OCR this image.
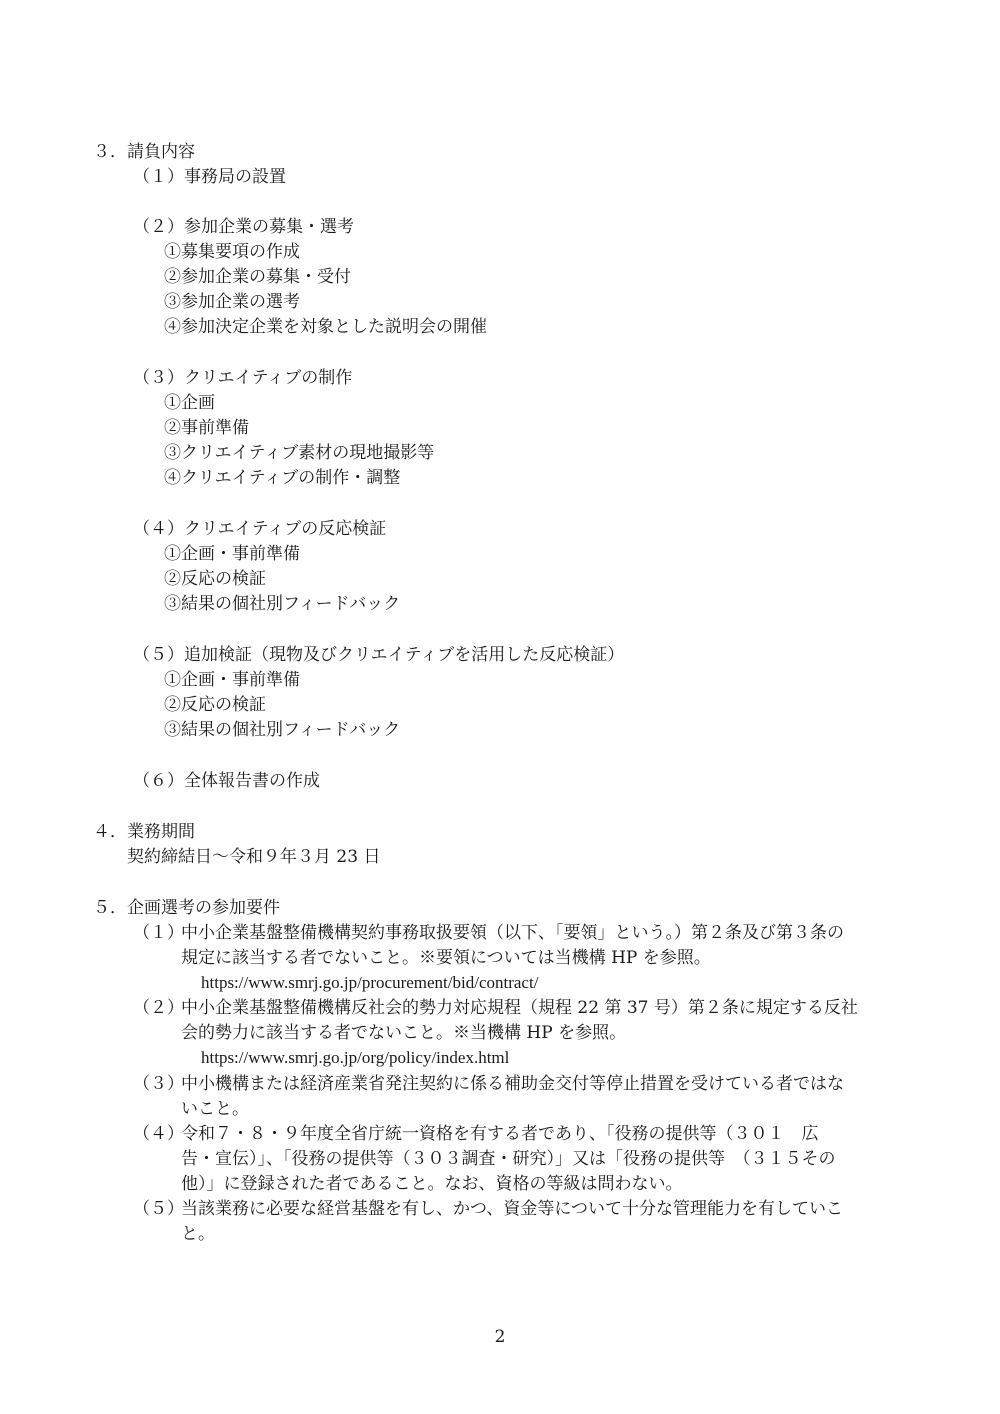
３．請負内容

（１）事務局の設置

（２）参加企業の募集・選考

①募集要項の作成

②参加企業の募集・受付

③参加企業の選考

④参加決定企業を対象とした説明会の開催

（３）クリエイティブの制作

①企画

②事前準備

③クリエイティブ素材の現地撮影等

④クリエイティブの制作・調整

（４）クリエイティブの反応検証

①企画・事前準備

②反応の検証

③結果の個社別フィードバック

（５）追加検証（現物及びクリエイティブを活用した反応検証）

①企画・事前準備

②反応の検証

③結果の個社別フィードバック

（６）全体報告書の作成

４．業務期間

契約締結日～令和９年３月 23 日

５．企画選考の参加要件

（１）

中小企業基盤整備機構契約事務取扱要領（以下、「要領」という。）第２条及び第３条の

規定に該当する者でないこと。※要領については当機構 HP を参照。

https://www.smrj.go.jp/procurement/bid/contract/

（２）

中小企業基盤整備機構反社会的勢力対応規程（規程 22 第 37 号）第２条に規定する反社

会的勢力に該当する者でないこと。※当機構 HP を参照。

https://www.smrj.go.jp/org/policy/index.html

（３）

中小機構または経済産業省発注契約に係る補助金交付等停止措置を受けている者ではな

いこと。

（４）

令和７・８・９年度全省庁統一資格を有する者であり、「役務の提供等（３０１　広

告・宣伝）」、「役務の提供等（３０３調査・研究）」又は「役務の提供等　（３１５その

他）」に登録された者であること。なお、資格の等級は問わない。

（５）

当該業務に必要な経営基盤を有し、かつ、資金等について十分な管理能力を有していこ

と。

2
